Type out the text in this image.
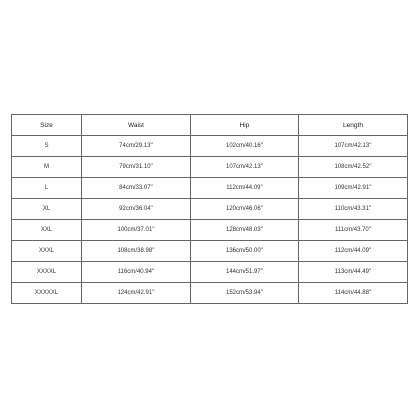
Size	Waist	Hip	Length
S	74cm/29.13''	102cm/40.16''	107cm/42.13''
M	79cm/31.10''	107cm/42.13''	108cm/42.52''
L	84cm/33.07''	112cm/44.09''	109cm/42.91''
XL	92cm/36.04''	120cm/46.06''	110cm/43.31''
XXL	100cm/37.01''	128cm/48.03''	111cm/43.70''
XXXL	108cm/38.98''	136cm/50.00''	112cm/44.09''
XXXXL	116cm/40.94''	144cm/51.97''	113cm/44.49''
XXXXXL	124cm/42.91''	152cm/53.94''	114cm/44.88''
